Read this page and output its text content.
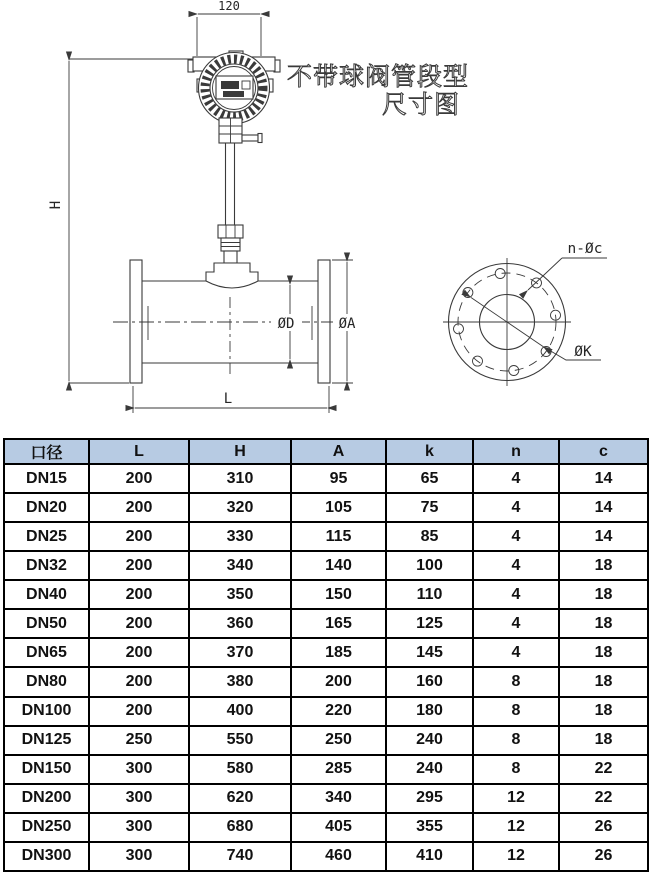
120
H
ØD	ØA
L
ØK
n-Øc
不带球阀管段型
尺寸图
口径	L	H	A	k	n	c
DN15	200	310	95	65	4	14
DN20	200	320	105	75	4	14
DN25	200	330	115	85	4	14
DN32	200	340	140	100	4	18
DN40	200	350	150	110	4	18
DN50	200	360	165	125	4	18
DN65	200	370	185	145	4	18
DN80	200	380	200	160	8	18
DN100	200	400	220	180	8	18
DN125	250	550	250	240	8	18
DN150	300	580	285	240	8	22
DN200	300	620	340	295	12	22
DN250	300	680	405	355	12	26
DN300	300	740	460	410	12	26
